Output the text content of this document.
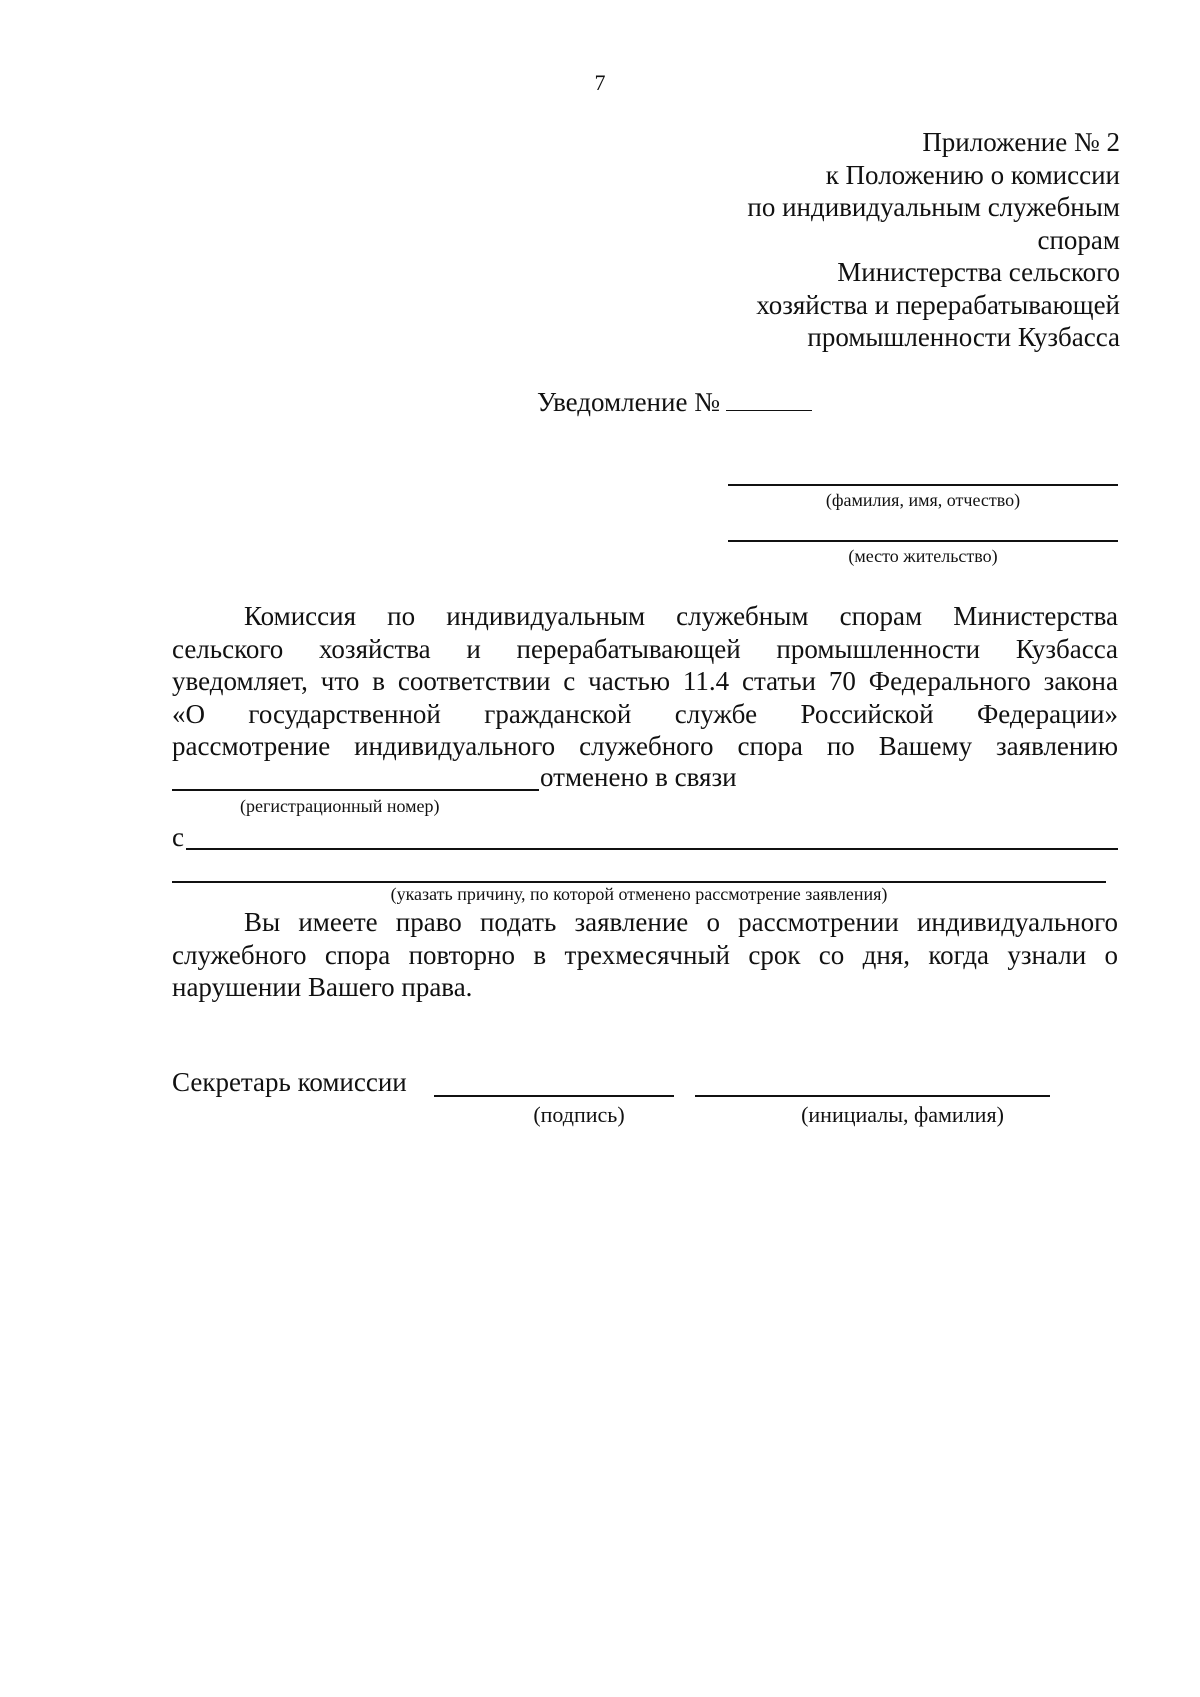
7
Приложение № 2
к Положению о комиссии
по индивидуальным служебным
спорам
Министерства сельского
хозяйства и перерабатывающей
промышленности Кузбасса
Уведомление №
(фамилия, имя, отчество)
(место жительство)
Комиссия по индивидуальным служебным спорам Министерства
сельского хозяйства и перерабатывающей промышленности Кузбасса
уведомляет, что в соответствии с частью 11.4 статьи 70 Федерального закона
«О государственной гражданской службе Российской Федерации»
рассмотрение индивидуального служебного спора по Вашему заявлению
отменено в связи
(регистрационный номер)
с
(указать причину, по которой отменено рассмотрение заявления)
Вы имеете право подать заявление о рассмотрении индивидуального
служебного спора повторно в трехмесячный срок со дня, когда узнали о
нарушении Вашего права.
Секретарь комиссии
(подпись)	(инициалы, фамилия)
